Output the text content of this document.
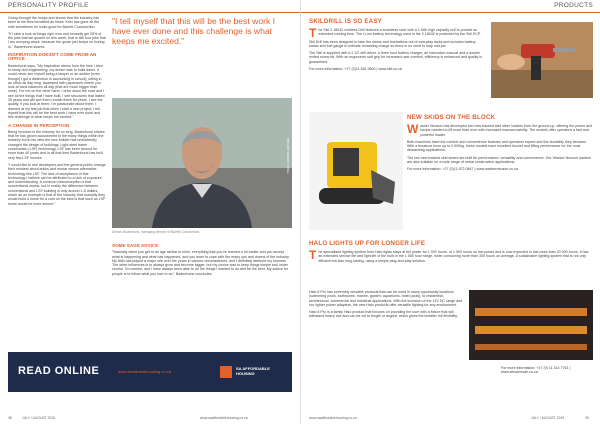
PERSONALITY PROFILE

Going through the hoops and shows that the industry has ⁠been at his⁠ ⁠fees⁠ ⁠benefited⁠ ⁠as times. Kriel has gone all the mile sometimes he looks good for Barrett Construction.

"If I take a look at things right now and honestly get 25% of the jobs that we quoted on this week, that is still four jobs that I am worrying about, because the quote just keeps on ticking in," Badenhorst shares.

INSPIRATION DOESN'T COME FROM AN OFFICE

Badenhorst says, "My inspiration stems from the time I tried to study civil engineering; my dream was to build dams. It could never see myself being a lawyer or an auditor [even though] I got a distinction in accounting in school], sitting in an office all day long, swamped with paperwork where you look at bank balances all day (that are much bigger than mine). For me on the other hand, I drive down the road and I see all the things that I have built. I see structures that lasted 35 years and will see them remain there for years. I see the quality, if you look at them, I'm passionate about them. I learned at my first job that when I start a new project, I tell myself that this will be the best work I have ever done and this challenge is what keeps me excited."

A CHANGE IN PERCEPTION

Being involved in the industry for so long, Badenhorst shares that he has grown accustomed to the many things within the industry but in his view the new builder has undoubtedly changed the design of buildings. Light steel frame construction (LSF) technology, LSF has been around for more than 40 years and in all that time Badenhorst has built very few LSF houses.

"I would like to see developers and the general public change their mindset about bricks and mortar versus alternative technology like LSF. The lack of acceptance of this technology I believe can be attributed to a lack of exposure and understanding. A common misconception is that conventional mortar, but in reality the difference between conventional and LSF building is only around 1-5 dollars, which as an example is that of the industry that normally they would build a home for a cost on the idea is that such an LSF home would be more secure."

"I tell myself that this will be the best work I have ever done and this challenge is what keeps me excited."
STEEL FRAMED HOUSING
Dennis Badenhorst, managing director of Barrett Construction.
SOME SAGE ADVICE

"Naturally when you get to an age similar to mine, everything that you've learned a lot earlier and you accept what is happening and what has happened, and you learn to cope with the many ups and downs of the industry. My faith has played a major role over the years in various circumstances, and I definitely attribute my success. The other influences is to always grow and become bigger, but my choice was to keep things simple and under control. I'm content, and I have always been able to do the things I wanted to do and be the best. My advice for people is to follow what you love to do," Badenhorst concludes.

READ ONLINE	www.steelframehousing.co.za
SA AFFORDABLE HOUSING
38	JULY / AUGUST 2019	www.saaffordablehousing.co.za
PRODUCTS
SKILDRILL IS SO EASY

The Skil 2 18042 cordless Drill features a brushless rotor with a 1.5Ah high capacity cell to provide an extended running time. The Li-ion battery technology used in the 2 18042 is protected by the Skil ECP.

Skil Drill has been designed to take the stress and frustrations out of everyday tasks and includes battery status and fuel gauge to indicate remaining charge so there is no need to stop mid-job.

The Skil is supplied with a 2 1/2 drill driver, a three hour battery charger, an instruction manual and a double ended screw bit. With an ergonomic soft grip for increased user comfort, efficiency is enhanced and quality is guaranteed.

For more information: +27 (0)11 651 9600 | www.skil.co.za

NEW SKIDS ON THE BLOCK

Wacker Neuson has developed two new tracked skid steer loaders from the ground up, offering the power and torque needed to lift more than ever with increased manoeuvrability. The models offer operators a fast and powerful loader.

Both machines have the comfort and convenience features and operators expect and the durability they demand. With a breakout force up to 4 000kg, these models have excellent bucket and lifting performance for the most demanding applications.

The two new tracked skid steers are built for performance, versatility and convenience. Our Wacker Neuson loaders are also suitable for a wide range of rental construction applications.

For more information: +27 (0)11 872 0847 | www.wackerneuson.co.za

HALO LIGHTS UP FOR LONGER LIFE

The specialised lighting system from Halo lights stays at full power for 1 000 hours, or 1 500 hours on low power and is now expected to last more than 20 000 hours. It has an extended service life and light life of the bulb in the 1 500 hour range, while consuming more than 300 hours on average. A sustainable lighting system that is not only efficient but also long-lasting, using a simple plug-and-play solution.

Halo 6 Pro has extremely versatile products that can be used in many opportunity locations (swimming pools, bathrooms, marine, garden, aquariums, hotel pools), to residential, architectural, commercial and industrial applications. With the inclusion of the 12V DC range and our lighter power adapters, the new Halo products offer versatile lighting for any environment.

Halo 6 Pro is a family Halo product that focuses on providing the user with a fixture that will withstand heavy use and can be cut to length or angled, which gives the installer full flexibility.

For more information: +27 (0) 11 314 7761 | www.sensemode.co.za

www.saaffordablehousing.co.za	JULY / AUGUST 2019	39
